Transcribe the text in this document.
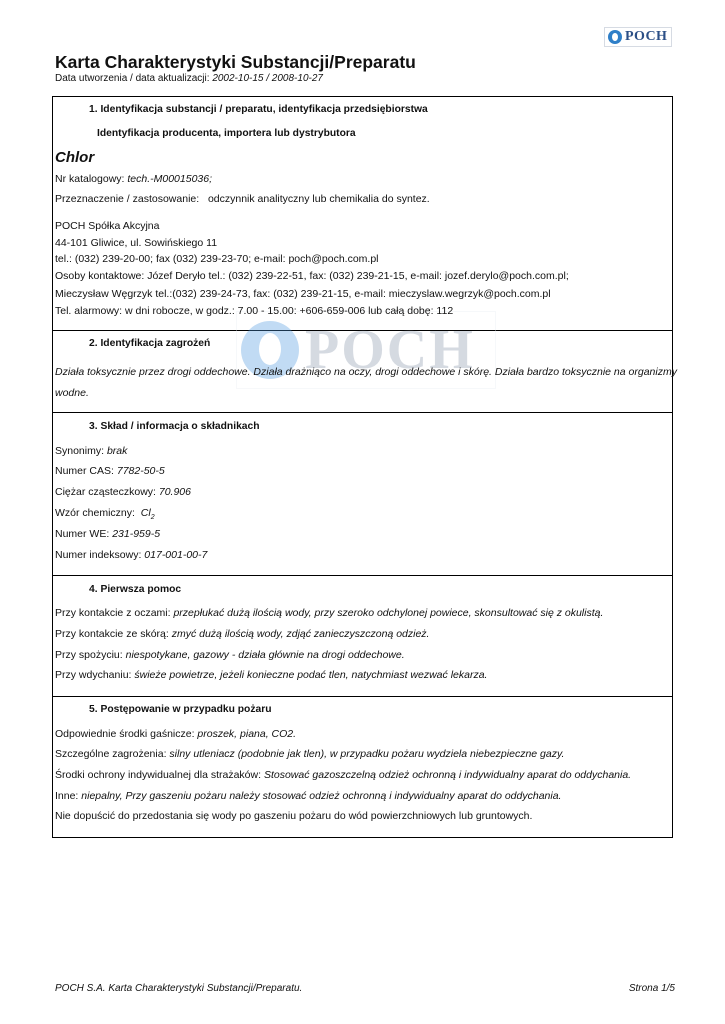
POCH
Karta Charakterystyki Substancji/Preparatu
Data utworzenia / data aktualizacji: 2002-10-15 / 2008-10-27
POCH
1. Identyfikacja substancji / preparatu, identyfikacja przedsiębiorstwa
Identyfikacja producenta, importera lub dystrybutora
Chlor
Nr katalogowy: tech.-M00015036;
Przeznaczenie / zastosowanie: odczynnik analityczny lub chemikalia do syntez.
POCH Spółka Akcyjna
44-101 Gliwice, ul. Sowińskiego 11
tel.: (032) 239-20-00; fax (032) 239-23-70; e-mail: poch@poch.com.pl
Osoby kontaktowe: Józef Deryło tel.: (032) 239-22-51, fax: (032) 239-21-15, e-mail: jozef.derylo@poch.com.pl;
Mieczysław Węgrzyk tel.:(032) 239-24-73, fax: (032) 239-21-15, e-mail: mieczyslaw.wegrzyk@poch.com.pl
Tel. alarmowy: w dni robocze, w godz.: 7.00 - 15.00: +606-659-006 lub całą dobę: 112
2. Identyfikacja zagrożeń
Działa toksycznie przez drogi oddechowe. Działa drażniąco na oczy, drogi oddechowe i skórę. Działa bardzo toksycznie na organizmy
wodne.
3. Skład / informacja o składnikach
Synonimy: brak
Numer CAS: 7782-50-5
Ciężar cząsteczkowy: 70.906
Wzór chemiczny: $Cl_2$
Numer WE: 231-959-5
Numer indeksowy: 017-001-00-7
4. Pierwsza pomoc
Przy kontakcie z oczami: przepłukać dużą ilością wody, przy szeroko odchylonej powiece, skonsultować się z okulistą.
Przy kontakcie ze skórą: zmyć dużą ilością wody, zdjąć zanieczyszczoną odzież.
Przy spożyciu: niespotykane, gazowy - działa głównie na drogi oddechowe.
Przy wdychaniu: świeże powietrze, jeżeli konieczne podać tlen, natychmiast wezwać lekarza.
5. Postępowanie w przypadku pożaru
Odpowiednie środki gaśnicze: proszek, piana, CO2.
Szczególne zagrożenia: silny utleniacz (podobnie jak tlen), w przypadku pożaru wydziela niebezpieczne gazy.
Środki ochrony indywidualnej dla strażaków: Stosować gazoszczelną odzież ochronną i indywidualny aparat do oddychania.
Inne: niepalny, Przy gaszeniu pożaru należy stosować odzież ochronną i indywidualny aparat do oddychania.
Nie dopuścić do przedostania się wody po gaszeniu pożaru do wód powierzchniowych lub gruntowych.
POCH S.A. Karta Charakterystyki Substancji/Preparatu.	Strona 1/5
